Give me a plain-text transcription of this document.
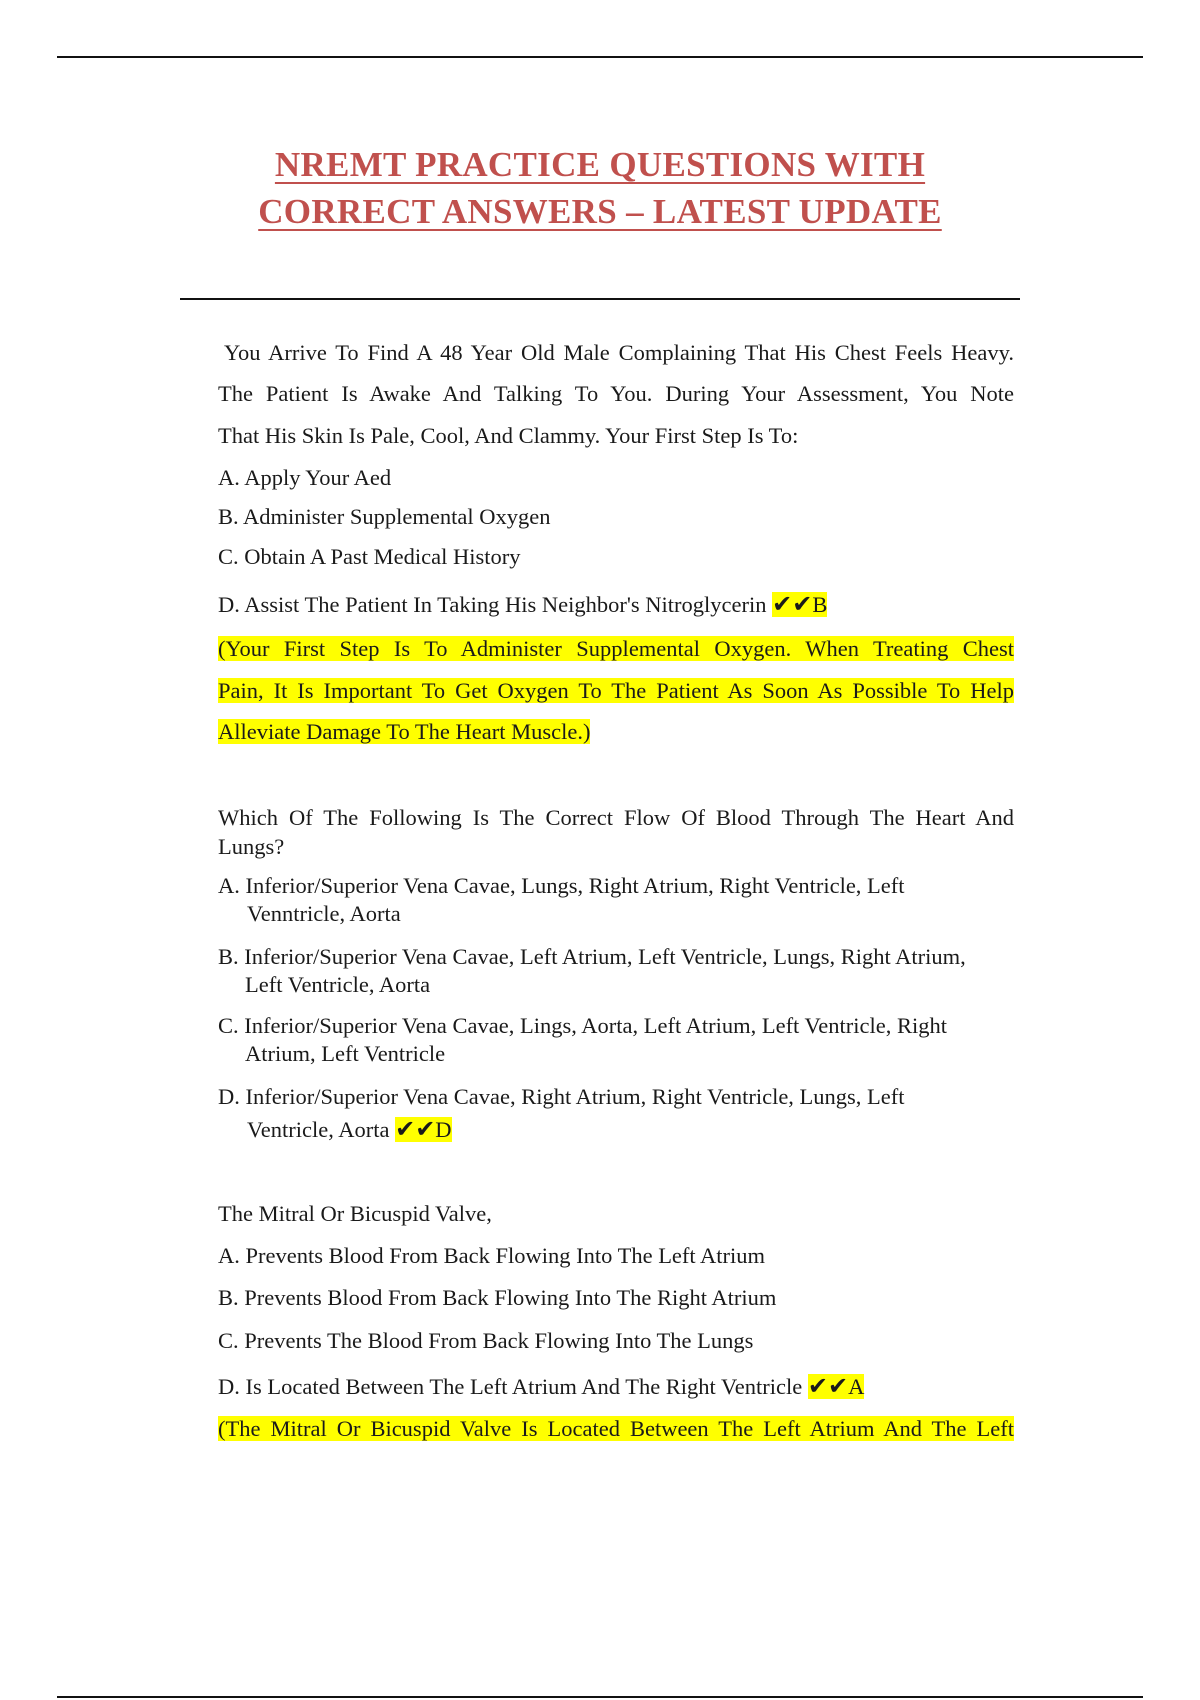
NREMT PRACTICE QUESTIONS WITH
CORRECT ANSWERS – LATEST UPDATE
You Arrive To Find A 48 Year Old Male Complaining That His Chest Feels Heavy.
The Patient Is Awake And Talking To You. During Your Assessment, You Note
That His Skin Is Pale, Cool, And Clammy. Your First Step Is To:
A. Apply Your Aed
B. Administer Supplemental Oxygen
C. Obtain A Past Medical History
D. Assist The Patient In Taking His Neighbor's Nitroglycerin ✔✔B
(Your First Step Is To Administer Supplemental Oxygen. When Treating Chest
Pain, It Is Important To Get Oxygen To The Patient As Soon As Possible To Help
Alleviate Damage To The Heart Muscle.)
Which Of The Following Is The Correct Flow Of Blood Through The Heart And
Lungs?
A. Inferior/Superior Vena Cavae, Lungs, Right Atrium, Right Ventricle, Left
Venntricle, Aorta
B. Inferior/Superior Vena Cavae, Left Atrium, Left Ventricle, Lungs, Right Atrium,
Left Ventricle, Aorta
C. Inferior/Superior Vena Cavae, Lings, Aorta, Left Atrium, Left Ventricle, Right
Atrium, Left Ventricle
D. Inferior/Superior Vena Cavae, Right Atrium, Right Ventricle, Lungs, Left
Ventricle, Aorta ✔✔D
The Mitral Or Bicuspid Valve,
A. Prevents Blood From Back Flowing Into The Left Atrium
B. Prevents Blood From Back Flowing Into The Right Atrium
C. Prevents The Blood From Back Flowing Into The Lungs
D. Is Located Between The Left Atrium And The Right Ventricle ✔✔A
(The Mitral Or Bicuspid Valve Is Located Between The Left Atrium And The Left
